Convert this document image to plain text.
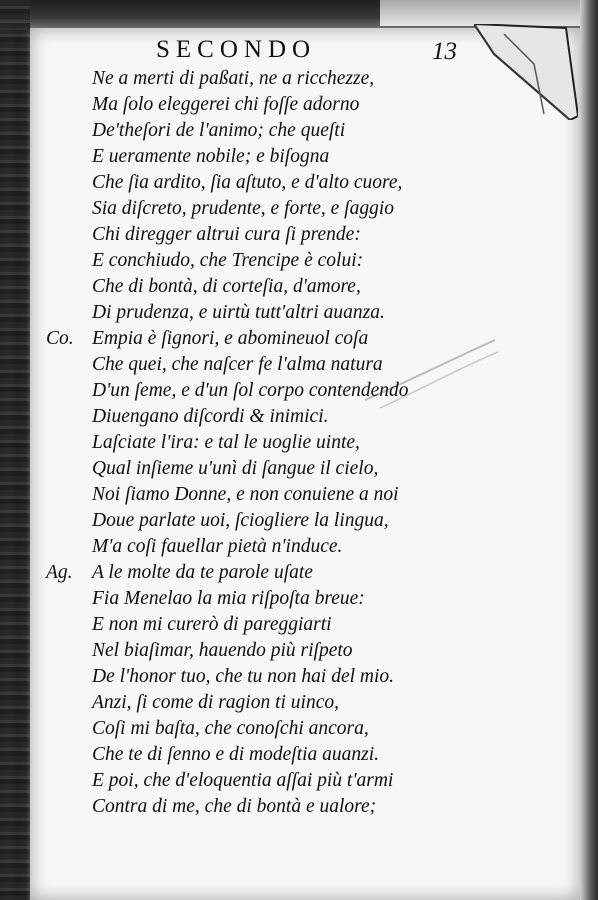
SECONDO	13
Ne a merti di paßati, ne a ricchezze,
Ma ſolo eleggerei chi foſſe adorno
De'theſori de l'animo; che queſti
E ueramente nobile; e biſogna
Che ſia ardito, ſia aſtuto, e d'alto cuore,
Sia diſcreto, prudente, e forte, e ſaggio
Chi diregger altrui cura ſi prende:
E conchiudo, che Trencipe è colui:
Che di bontà, di corteſia, d'amore,
Di prudenza, e uirtù tutt'altri auanza.
Co. Empia è ſignori, e abomineuol coſa
Che quei, che naſcer fe l'alma natura
D'un ſeme, e d'un ſol corpo contendendo
Diuengano diſcordi & inimici.
Laſciate l'ira: e tal le uoglie uinte,
Qual inſieme u'unì di ſangue il cielo,
Noi ſiamo Donne, e non conuiene a noi
Doue parlate uoi, ſciogliere la lingua,
M'a coſi fauellar pietà n'induce.
Ag. A le molte da te parole uſate
Fia Menelao la mia riſpoſta breue:
E non mi curerò di pareggiarti
Nel biaſimar, hauendo più riſpeto
De l'honor tuo, che tu non hai del mio.
Anzi, ſi come di ragion ti uinco,
Coſi mi baſta, che conoſchi ancora,
Che te di ſenno e di modeſtia auanzi.
E poi, che d'eloquentia aſſai più t'armi
Contra di me, che di bontà e ualore;
